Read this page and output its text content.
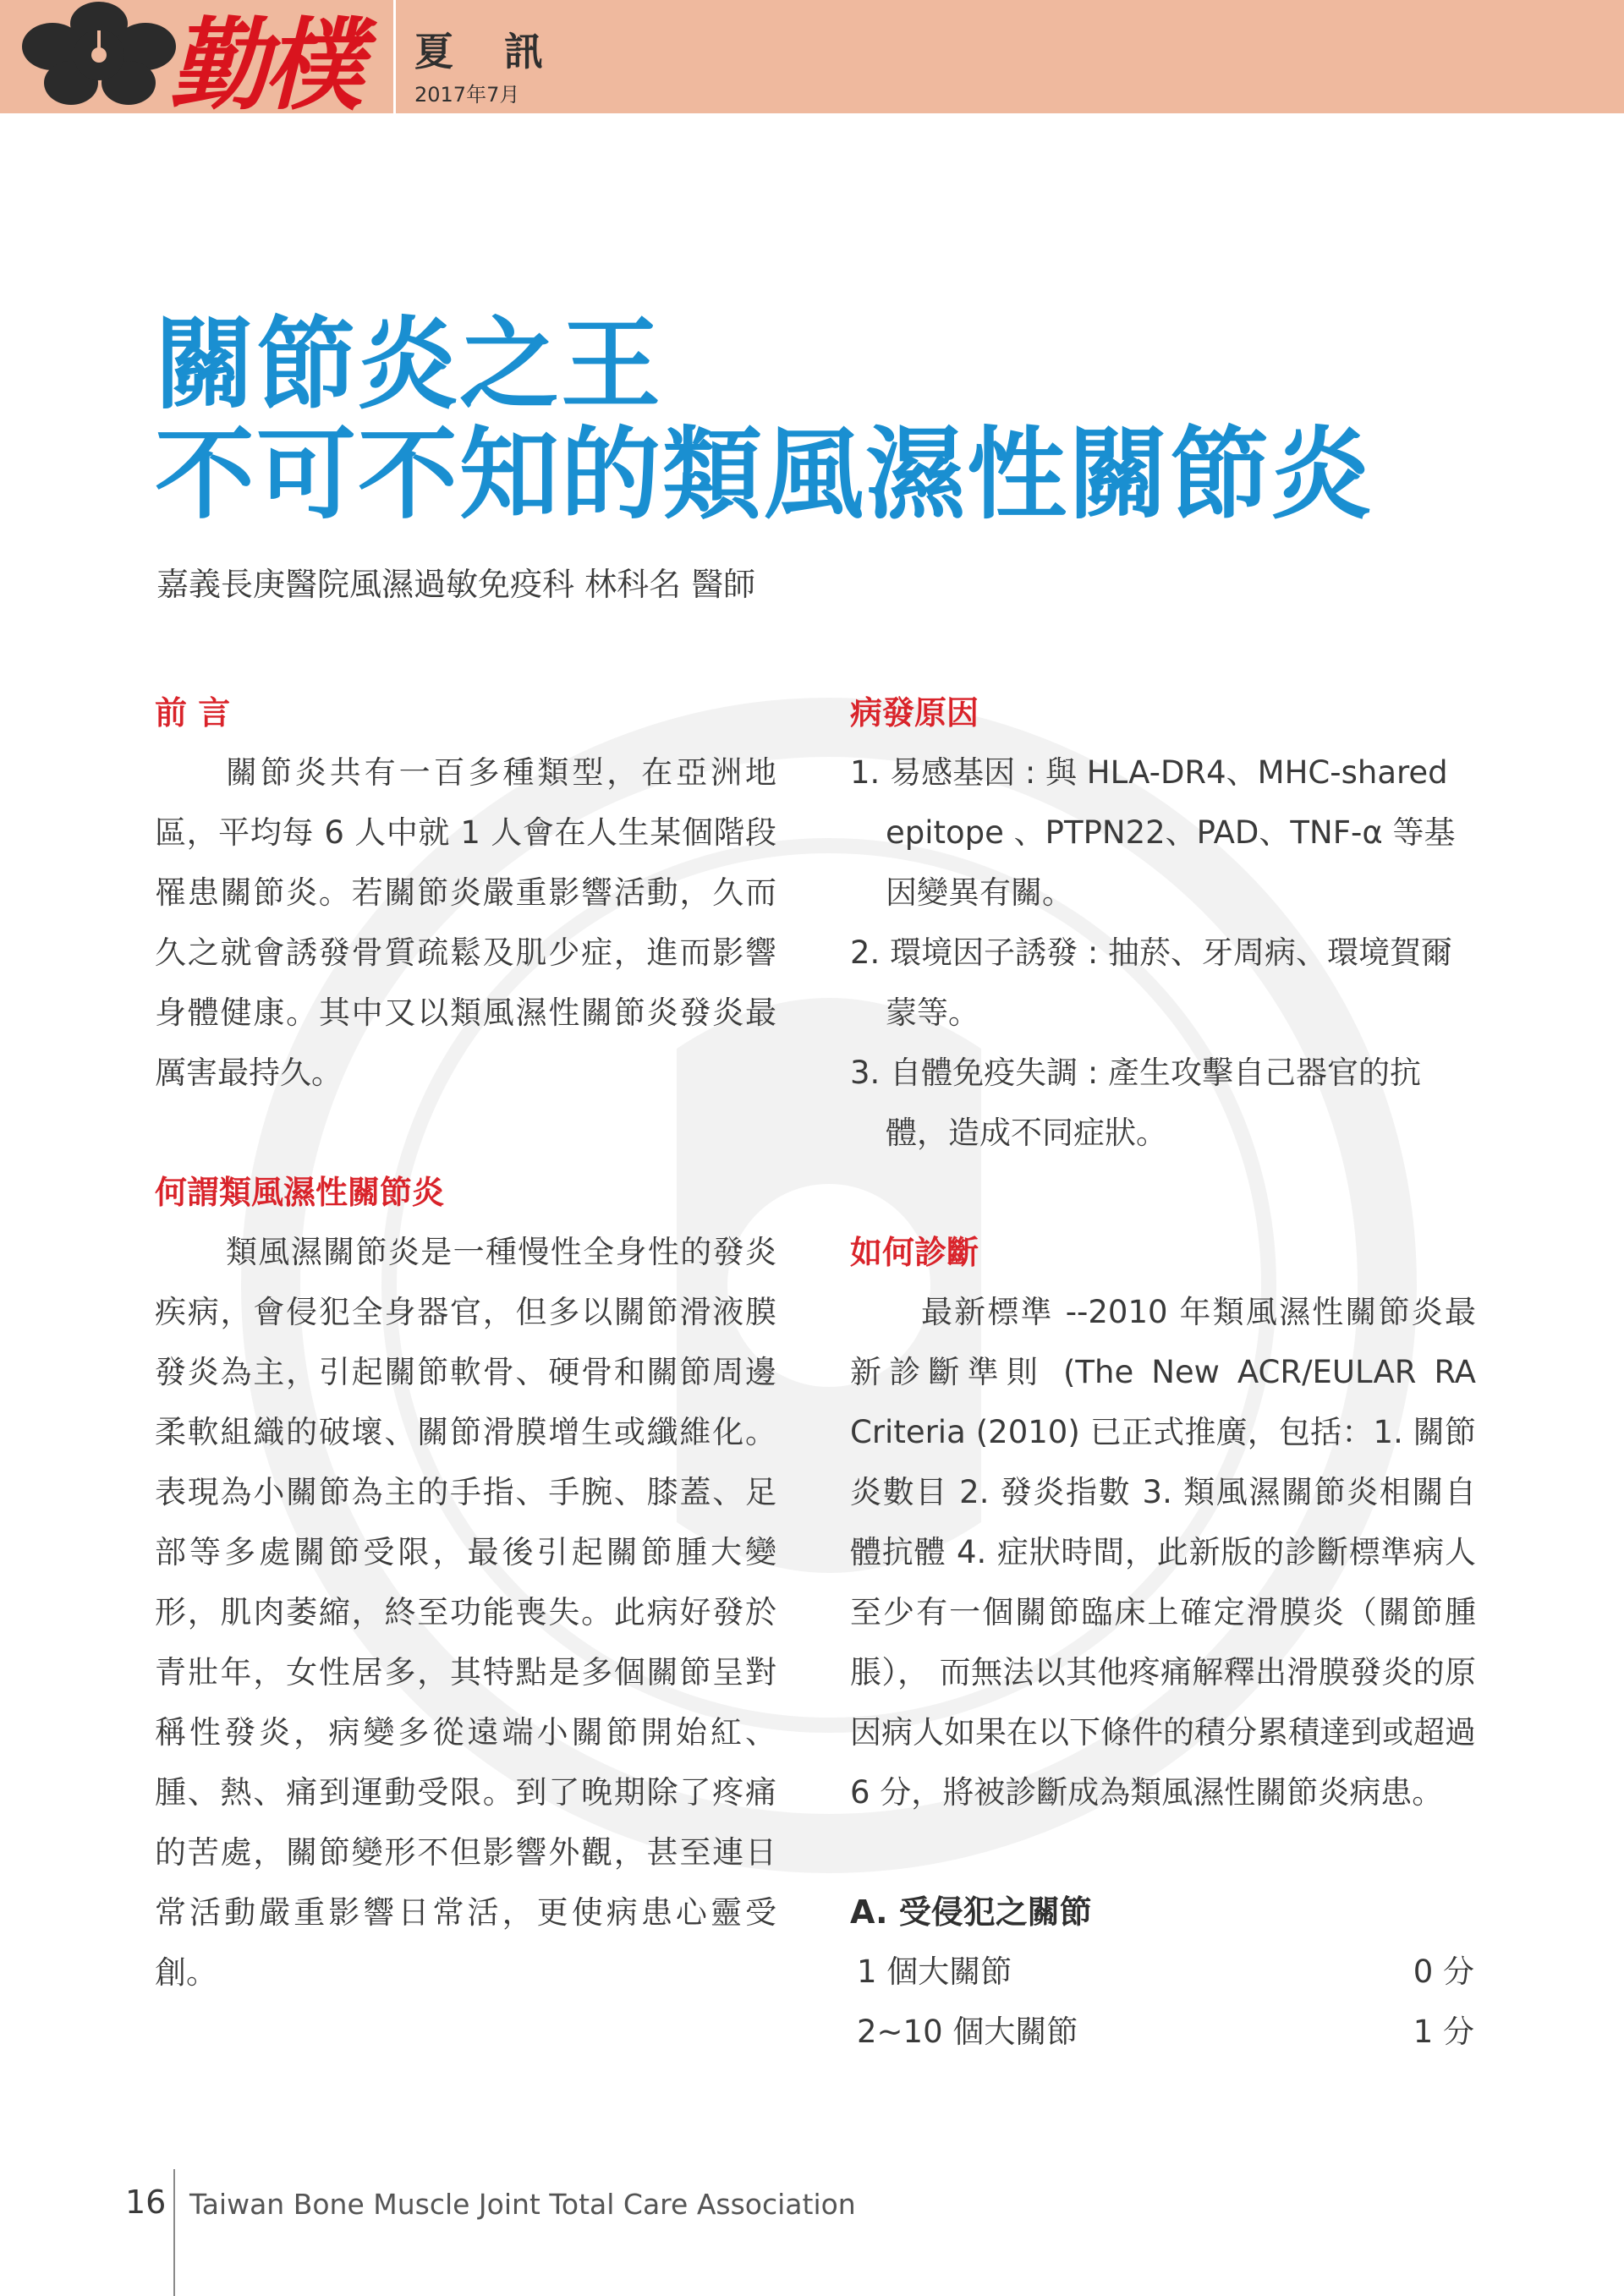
勤樸 夏 訊
2017年7月
關節炎之王
不可不知的類風濕性關節炎
嘉義長庚醫院風濕過敏免疫科 林科名 醫師
前 言
關節炎共有一百多種類型，在亞洲地區，平均每 6 人中就 1 人會在人生某個階段罹患關節炎。若關節炎嚴重影響活動，久而久之就會誘發骨質疏鬆及肌少症，進而影響身體健康。其中又以類風濕性關節炎發炎最厲害最持久。
何謂類風濕性關節炎
類風濕關節炎是一種慢性全身性的發炎疾病，會侵犯全身器官，但多以關節滑液膜發炎為主，引起關節軟骨、硬骨和關節周邊柔軟組織的破壞、關節滑膜增生或纖維化。表現為小關節為主的手指、手腕、膝蓋、足部等多處關節受限，最後引起關節腫大變形，肌肉萎縮，終至功能喪失。此病好發於青壯年，女性居多，其特點是多個關節呈對稱性發炎，病變多從遠端小關節開始紅、腫、熱、痛到運動受限。到了晚期除了疼痛的苦處，關節變形不但影響外觀，甚至連日常活動嚴重影響日常活，更使病患心靈受創。
病發原因
1. 易感基因 : 與 HLA-DR4、MHC-shared epitope 、PTPN22、PAD、TNF-α 等基因變異有關。
2. 環境因子誘發 : 抽菸、牙周病、環境賀爾蒙等。
3. 自體免疫失調 : 產生攻擊自己器官的抗體，造成不同症狀。
如何診斷
最新標準 --2010 年類風濕性關節炎最新診斷準則 (The New ACR/EULAR RA Criteria (2010) 已正式推廣，包括：1. 關節炎數目 2. 發炎指數 3. 類風濕關節炎相關自體抗體 4. 症狀時間，此新版的診斷標準病人至少有一個關節臨床上確定滑膜炎（關節腫脹）， 而無法以其他疼痛解釋出滑膜發炎的原因病人如果在以下條件的積分累積達到或超過 6 分，將被診斷成為類風濕性關節炎病患。
A. 受侵犯之關節
1 個大關節	0 分
2~10 個大關節	1 分
16 Taiwan Bone Muscle Joint Total Care Association
